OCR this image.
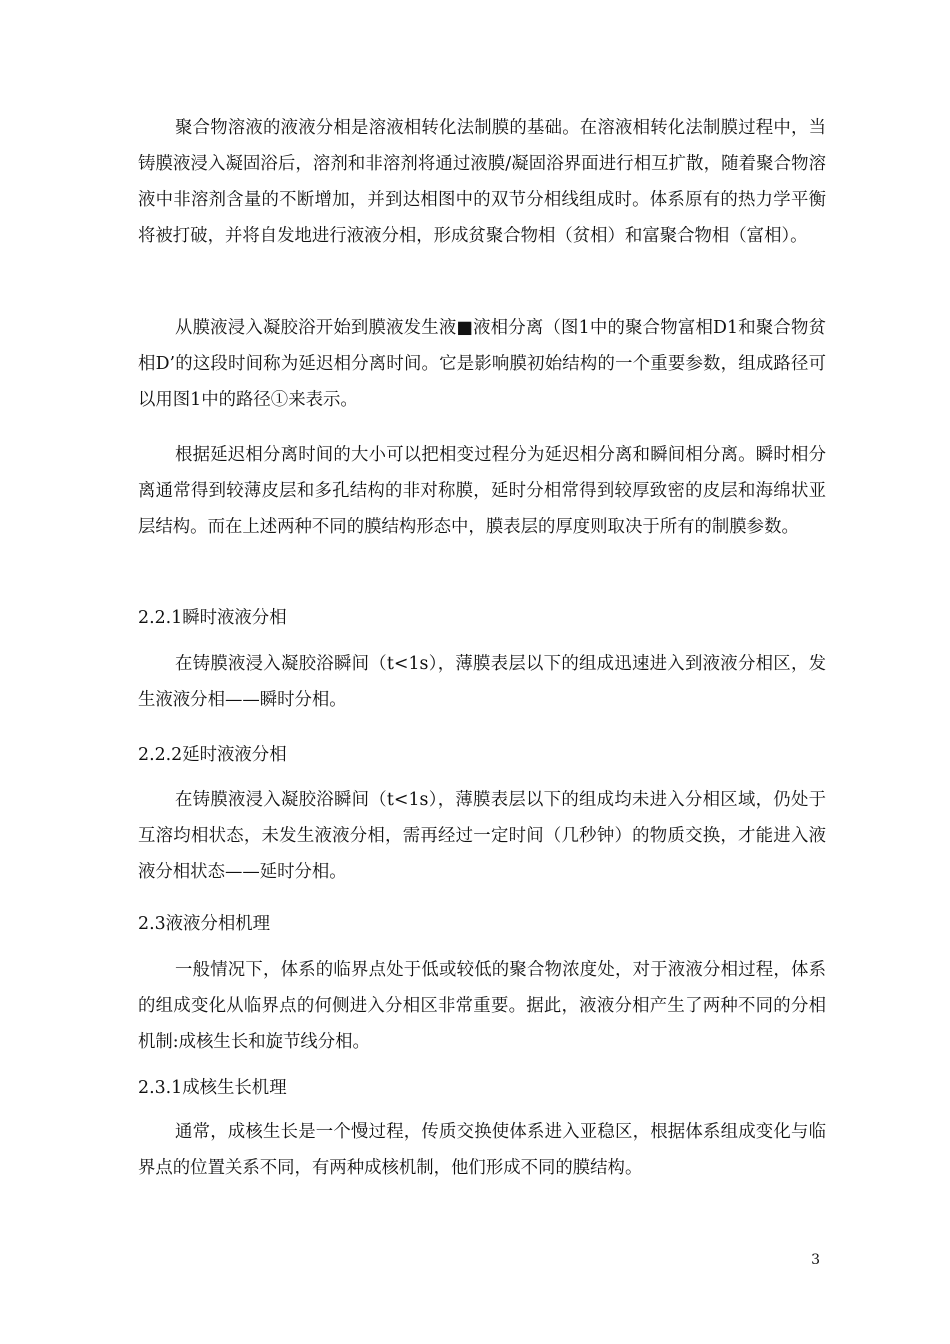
聚合物溶液的液液分相是溶液相转化法制膜的基础。在溶液相转化法制膜过程中，当铸膜液浸入凝固浴后，溶剂和非溶剂将通过液膜/凝固浴界面进行相互扩散，随着聚合物溶液中非溶剂含量的不断增加，并到达相图中的双节分相线组成时。体系原有的热力学平衡将被打破，并将自发地进行液液分相，形成贫聚合物相（贫相）和富聚合物相（富相）。

从膜液浸入凝胶浴开始到膜液发生液■液相分离（图1中的聚合物富相D1和聚合物贫相D’的这段时间称为延迟相分离时间。它是影响膜初始结构的一个重要参数，组成路径可以用图1中的路径①来表示。

根据延迟相分离时间的大小可以把相变过程分为延迟相分离和瞬间相分离。瞬时相分离通常得到较薄皮层和多孔结构的非对称膜，延时分相常得到较厚致密的皮层和海绵状亚层结构。而在上述两种不同的膜结构形态中，膜表层的厚度则取决于所有的制膜参数。

2.2.1瞬时液液分相

在铸膜液浸入凝胶浴瞬间（t<1s），薄膜表层以下的组成迅速进入到液液分相区，发生液液分相——瞬时分相。

2.2.2延时液液分相

在铸膜液浸入凝胶浴瞬间（t<1s），薄膜表层以下的组成均未进入分相区域，仍处于互溶均相状态，未发生液液分相，需再经过一定时间（几秒钟）的物质交换，才能进入液液分相状态——延时分相。

2.3液液分相机理

一般情况下，体系的临界点处于低或较低的聚合物浓度处，对于液液分相过程，体系的组成变化从临界点的何侧进入分相区非常重要。据此，液液分相产生了两种不同的分相机制:成核生长和旋节线分相。

2.3.1成核生长机理

通常，成核生长是一个慢过程，传质交换使体系进入亚稳区，根据体系组成变化与临界点的位置关系不同，有两种成核机制，他们形成不同的膜结构。

3
